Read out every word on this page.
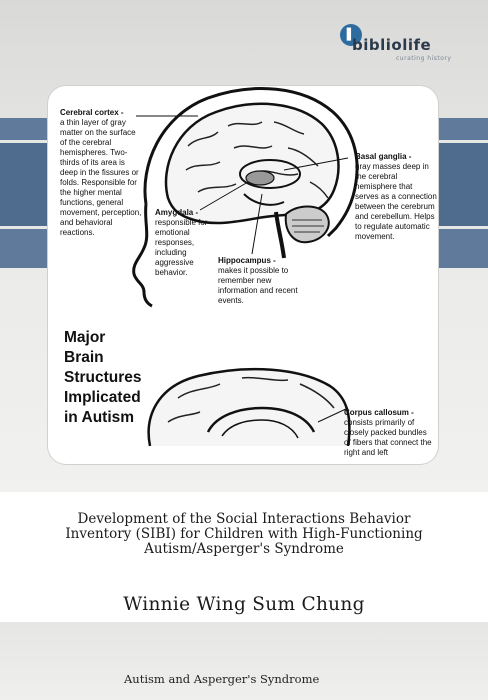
▌
bibliolife
curating history
Cerebral cortex -
a thin layer of gray matter on the surface of the cerebral hemispheres. Two-thirds of its area is deep in the fissures or folds. Responsible for the higher mental functions, general movement, perception, and behavioral reactions.
Amygdala -
responsible for emotional responses, including aggressive behavior.
Hippocampus -
makes it possible to remember new information and recent events.
Basal ganglia -
gray masses deep in the cerebral hemisphere that serves as a connection between the cerebrum and cerebellum. Helps to regulate automatic movement.
Corpus callosum -
consists primarily of closely packed bundles of fibers that connect the right and left
Major
Brain
Structures
Implicated
in Autism
Development of the Social Interactions Behavior Inventory (SIBI) for Children with High-Functioning Autism/Asperger's Syndrome
Winnie Wing Sum Chung
Autism and Asperger's Syndrome
